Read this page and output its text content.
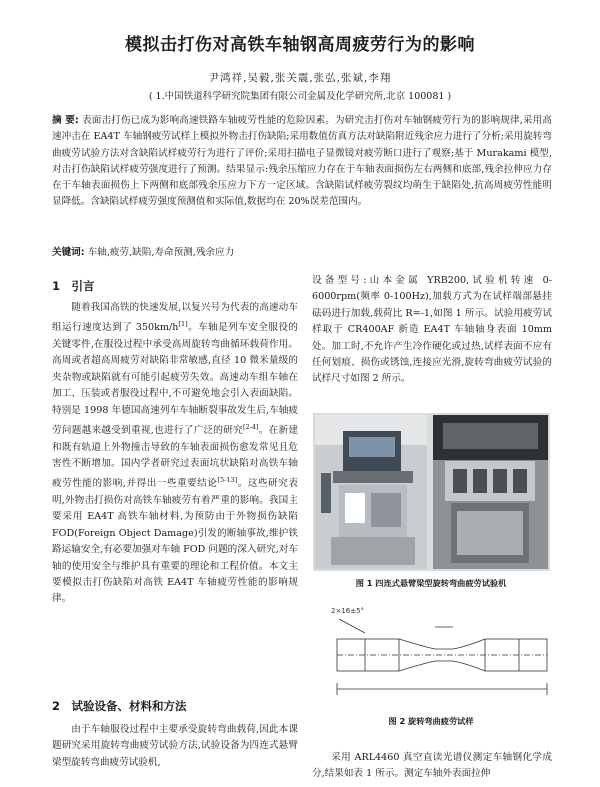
模拟击打伤对高铁车轴钢高周疲劳行为的影响
尹鸿祥,吴毅,张关震,张弘,张斌,李翔
( 1.中国铁道科学研究院集团有限公司金属及化学研究所,北京 100081 )
摘 要: 表面击打伤已成为影响高速铁路车轴疲劳性能的危险因素。为研究击打伤对车轴钢疲劳行为的影响规律,采用高速冲击在 EA4T 车轴钢疲劳试样上模拟外物击打伤缺陷;采用数值仿真方法对缺陷附近残余应力进行了分析;采用旋转弯曲疲劳试验方法对含缺陷试样疲劳行为进行了评价;采用扫描电子显微镜对疲劳断口进行了观察;基于 Murakami 模型,对击打伤缺陷试样疲劳强度进行了预测。结果显示:残余压缩应力存在于车轴表面损伤左右两侧和底部,残余拉伸应力存在于车轴表面损伤上下两侧和底部残余压应力下方一定区域。含缺陷试样疲劳裂纹均萌生于缺陷处,抗高周疲劳性能明显降低。含缺陷试样疲劳强度预测值和实际值,数据均在 20%误差范围内。
关键词: 车轴,疲劳,缺陷,寿命预测,残余应力
1　引言
随着我国高铁的快速发展,以复兴号为代表的高速动车组运行速度达到了 350km/h[1]。车轴是列车安全服役的关键零件,在服役过程中承受高周旋转弯曲循环载荷作用。高周或者超高周疲劳对缺陷非常敏感,直径 10 微米量级的夹杂物或缺陷就有可能引起疲劳失效。高速动车组车轴在加工、压装或者服役过程中,不可避免地会引入表面缺陷。特别是 1998 年德国高速列车车轴断裂事故发生后,车轴疲劳问题越来越受到重视,也进行了广泛的研究[2-4]。在新建和既有轨道上外物撞击导致的车轴表面损伤愈发常见且危害性不断增加。国内学者研究过表面坑状缺陷对高铁车轴疲劳性能的影响,并得出一些重要结论[5-13]。这些研究表明,外物击打损伤对高铁车轴疲劳有着严重的影响。我国主要采用 EA4T 高铁车轴材料,为预防由于外物损伤缺陷 FOD(Foreign Object Damage)引发的断轴事故,维护铁路运输安全,有必要加强对车轴 FOD 问题的深入研究,对车轴的使用安全与维护具有重要的理论和工程价值。本文主要模拟击打伤缺陷对高铁 EA4T 车轴疲劳性能的影响规律。
2　试验设备、材料和方法
由于车轴服役过程中主要承受旋转弯曲载荷,因此本课题研究采用旋转弯曲疲劳试验方法,试验设备为四连式悬臂梁型旋转弯曲疲劳试验机,
设备型号:山本金属 YRB200,试验机转速 0-6000rpm(频率 0-100Hz),加载方式为在试样端部悬挂砝码进行加载,载荷比 R=-1,如图 1 所示。试验用疲劳试样取于 CR400AF 新造 EA4T 车轴轴身表面 10mm 处。加工时,不允许产生冷作硬化或过热,试样表面不应有任何划痕、损伤或锈蚀,连接应光滑,旋转弯曲疲劳试验的试样尺寸如图 2 所示。
图 1 四连式悬臂梁型旋转弯曲疲劳试验机
2×16±5°
图 2 旋转弯曲疲劳试样
采用 ARL4460 真空直读光谱仪测定车轴钢化学成分,结果如表 1 所示。测定车轴外表面拉伸
